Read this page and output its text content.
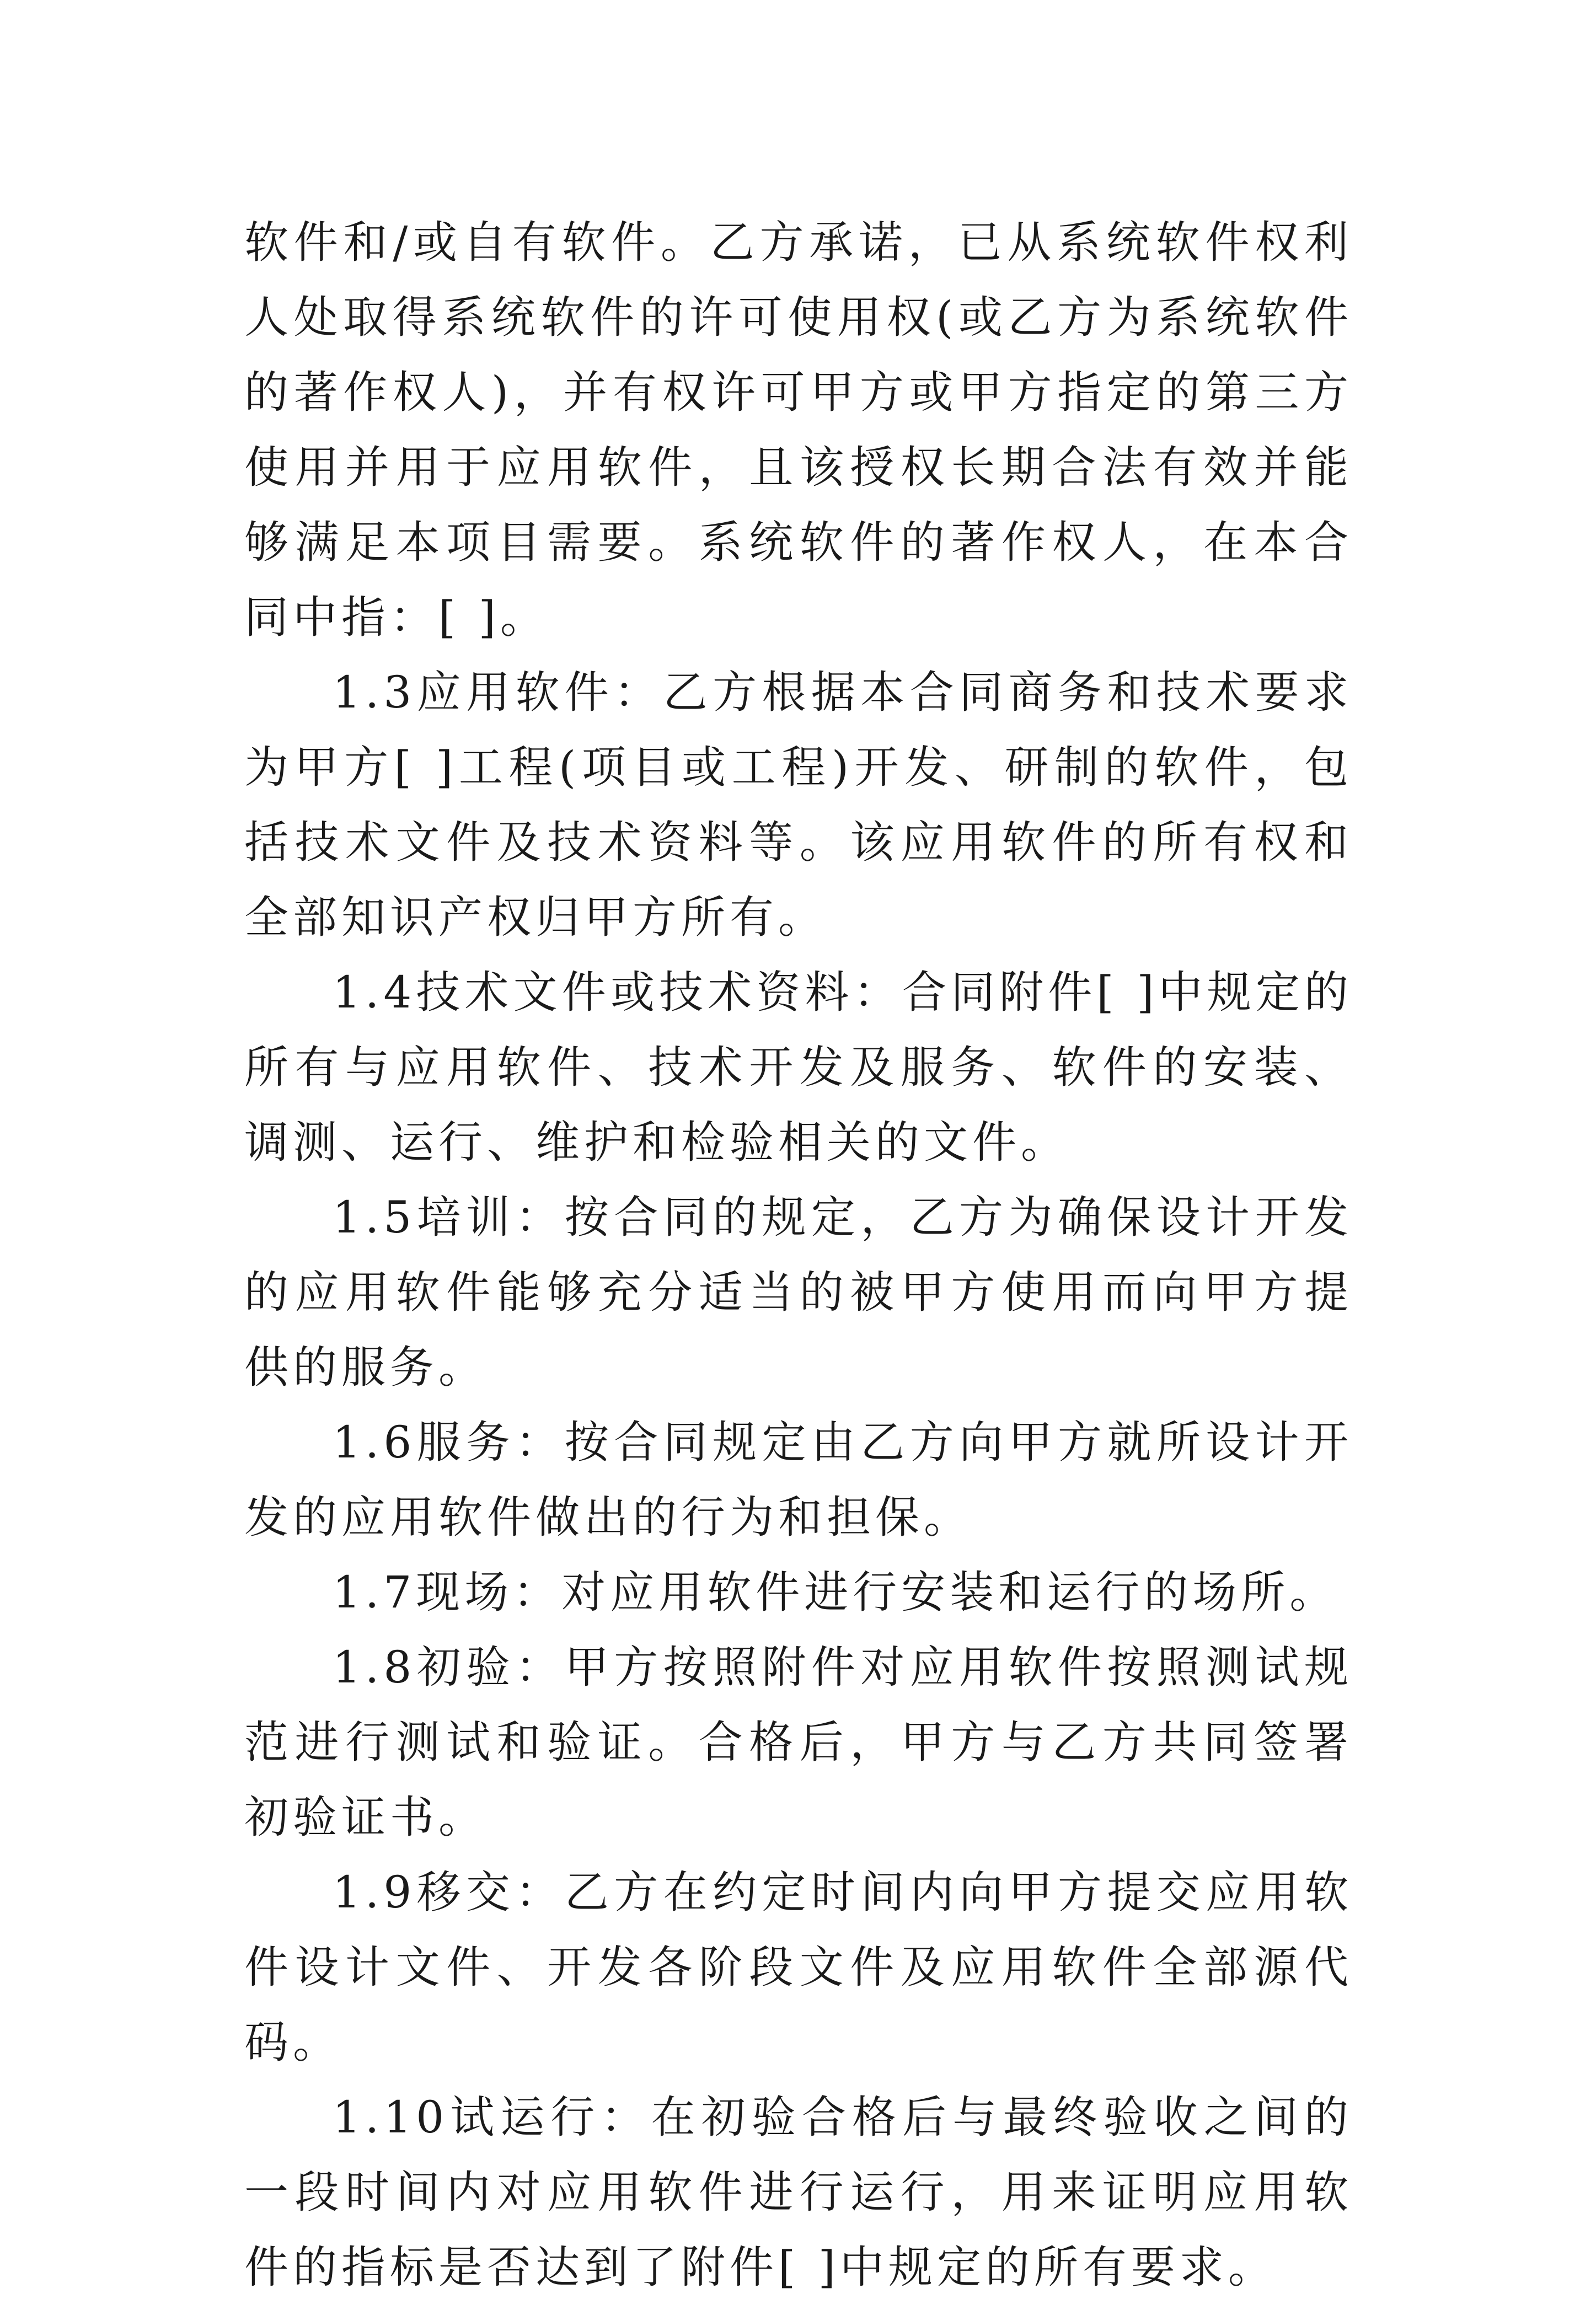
软件和/或自有软件。乙方承诺，已从系统软件权利人处取得系统软件的许可使用权(或乙方为系统软件的著作权人)，并有权许可甲方或甲方指定的第三方使用并用于应用软件，且该授权长期合法有效并能够满足本项目需要。系统软件的著作权人，在本合同中指：[ ]。

1.3应用软件：乙方根据本合同商务和技术要求为甲方[ ]工程(项目或工程)开发、研制的软件，包括技术文件及技术资料等。该应用软件的所有权和全部知识产权归甲方所有。

1.4技术文件或技术资料：合同附件[ ]中规定的所有与应用软件、技术开发及服务、软件的安装、调测、运行、维护和检验相关的文件。

1.5培训：按合同的规定，乙方为确保设计开发的应用软件能够充分适当的被甲方使用而向甲方提供的服务。

1.6服务：按合同规定由乙方向甲方就所设计开发的应用软件做出的行为和担保。

1.7现场：对应用软件进行安装和运行的场所。

1.8初验：甲方按照附件对应用软件按照测试规范进行测试和验证。合格后，甲方与乙方共同签署初验证书。

1.9移交：乙方在约定时间内向甲方提交应用软件设计文件、开发各阶段文件及应用软件全部源代码。

1.10试运行：在初验合格后与最终验收之间的一段时间内对应用软件进行运行，用来证明应用软件的指标是否达到了附件[ ]中规定的所有要求。
